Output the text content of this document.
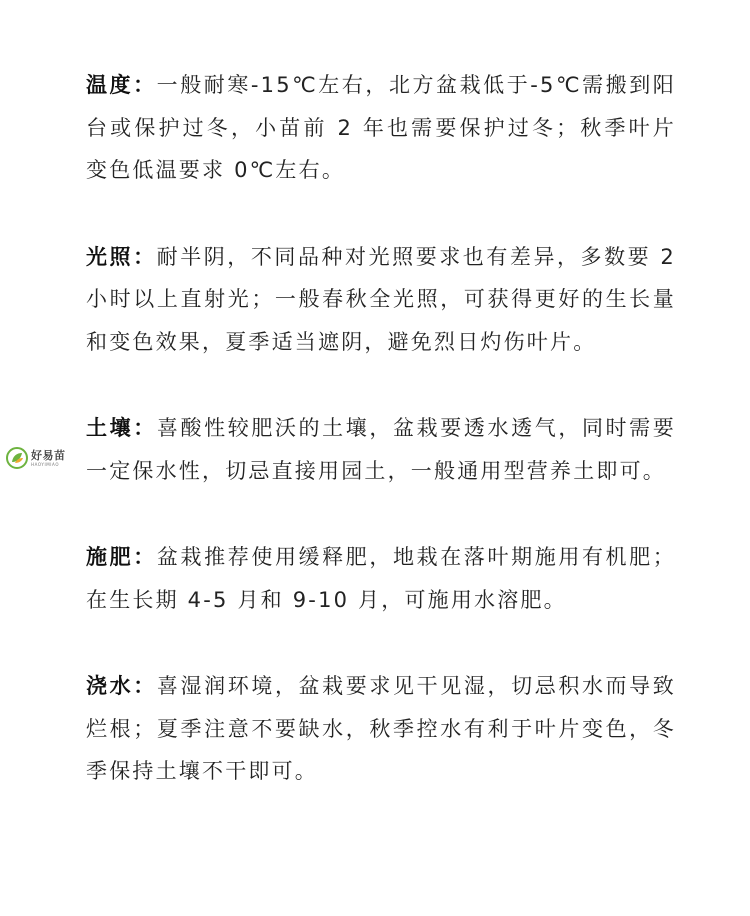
好易苗
HAOYIMIAO

温度：一般耐寒-15℃左右，北方盆栽低于-5℃需搬到阳台或保护过冬，小苗前 2 年也需要保护过冬；秋季叶片变色低温要求 0℃左右。

光照：耐半阴，不同品种对光照要求也有差异，多数要 2 小时以上直射光；一般春秋全光照，可获得更好的生长量和变色效果，夏季适当遮阴，避免烈日灼伤叶片。

土壤：喜酸性较肥沃的土壤，盆栽要透水透气，同时需要一定保水性，切忌直接用园土，一般通用型营养土即可。

施肥：盆栽推荐使用缓释肥，地栽在落叶期施用有机肥；在生长期 4-5 月和 9-10 月，可施用水溶肥。

浇水：喜湿润环境，盆栽要求见干见湿，切忌积水而导致烂根；夏季注意不要缺水，秋季控水有利于叶片变色，冬季保持土壤不干即可。
